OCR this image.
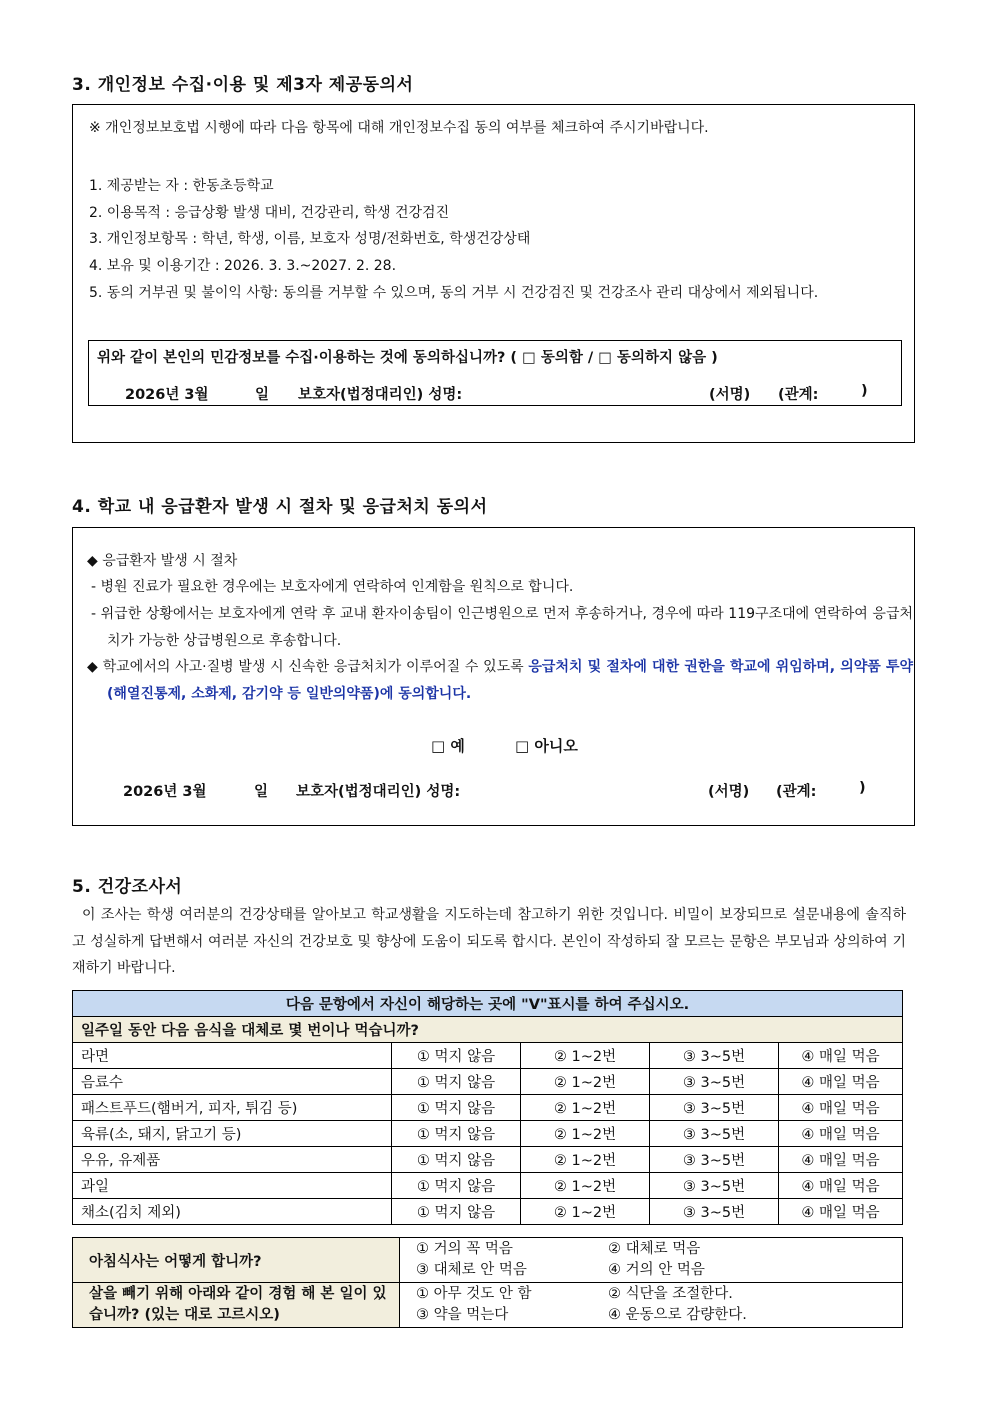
3. 개인정보 수집·이용 및 제3자 제공동의서
※ 개인정보보호법 시행에 따라 다음 항목에 대해 개인정보수집 동의 여부를 체크하여 주시기바랍니다.
1. 제공받는 자 : 한동초등학교
2. 이용목적 : 응급상황 발생 대비, 건강관리, 학생 건강검진
3. 개인정보항목 : 학년, 학생, 이름, 보호자 성명/전화번호, 학생건강상태
4. 보유 및 이용기간 : 2026. 3. 3.~2027. 2. 28.
5. 동의 거부권 및 불이익 사항: 동의를 거부할 수 있으며, 동의 거부 시 건강검진 및 건강조사 관리 대상에서 제외됩니다.
위와 같이 본인의 민감정보를 수집·이용하는 것에 동의하십니까? ( □ 동의함 / □ 동의하지 않음 )
2026년 3월	일 보호자(법정대리인) 성명:	(서명) (관계:	)
4. 학교 내 응급환자 발생 시 절차 및 응급처치 동의서
◆ 응급환자 발생 시 절차
- 병원 진료가 필요한 경우에는 보호자에게 연락하여 인계함을 원칙으로 합니다.
- 위급한 상황에서는 보호자에게 연락 후 교내 환자이송팀이 인근병원으로 먼저 후송하거나, 경우에 따라 119구조대에 연락하여 응급처치가 가능한 상급병원으로 후송합니다.
◆ 학교에서의 사고·질병 발생 시 신속한 응급처치가 이루어질 수 있도록 응급처치 및 절차에 대한 권한을 학교에 위임하며, 의약품 투약(해열진통제, 소화제, 감기약 등 일반의약품)에 동의합니다.
□ 예	□ 아니오
2026년 3월	일 보호자(법정대리인) 성명:	(서명) (관계:	)
5. 건강조사서
이 조사는 학생 여러분의 건강상태를 알아보고 학교생활을 지도하는데 참고하기 위한 것입니다. 비밀이 보장되므로 설문내용에 솔직하고 성실하게 답변해서 여러분 자신의 건강보호 및 향상에 도움이 되도록 합시다. 본인이 작성하되 잘 모르는 문항은 부모님과 상의하여 기재하기 바랍니다.
다음 문항에서 자신이 해당하는 곳에 "V"표시를 하여 주십시오.				
일주일 동안 다음 음식을 대체로 몇 번이나 먹습니까?				
라면	① 먹지 않음	② 1~2번	③ 3~5번	④ 매일 먹음
음료수	① 먹지 않음	② 1~2번	③ 3~5번	④ 매일 먹음
패스트푸드(햄버거, 피자, 튀김 등)	① 먹지 않음	② 1~2번	③ 3~5번	④ 매일 먹음
육류(소, 돼지, 닭고기 등)	① 먹지 않음	② 1~2번	③ 3~5번	④ 매일 먹음
우유, 유제품	① 먹지 않음	② 1~2번	③ 3~5번	④ 매일 먹음
과일	① 먹지 않음	② 1~2번	③ 3~5번	④ 매일 먹음
채소(김치 제외)	① 먹지 않음	② 1~2번	③ 3~5번	④ 매일 먹음
아침식사는 어떻게 합니까?	① 거의 꼭 먹음 ② 대체로 먹음
③ 대체로 안 먹음 ④ 거의 안 먹음

살을 빼기 위해 아래와 같이 경험 해 본 일이 있습니까? (있는 대로 고르시오)	① 아무 것도 안 함 ② 식단을 조절한다.
③ 약을 먹는다 ④ 운동으로 감량한다.
